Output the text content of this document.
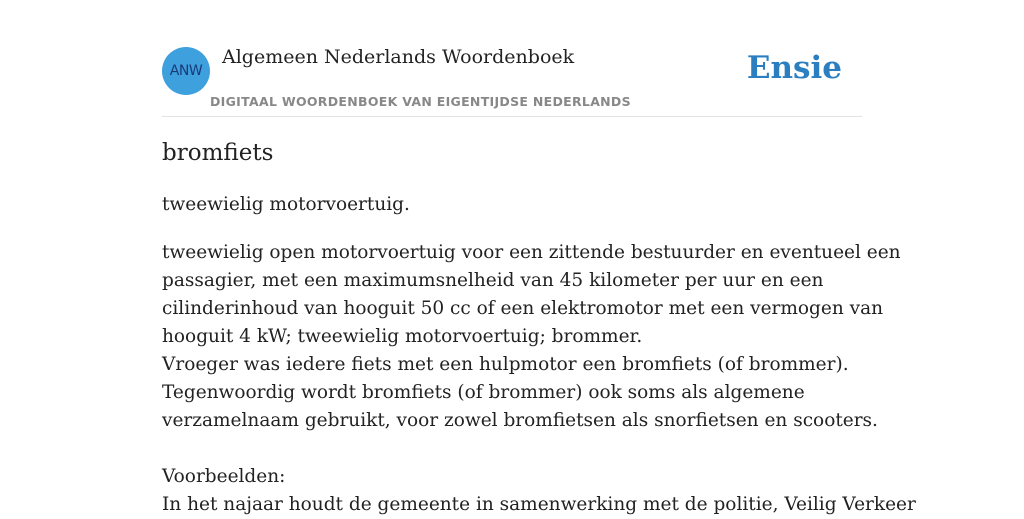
ANW
Algemeen Nederlands Woordenboek
DIGITAAL WOORDENBOEK VAN EIGENTIJDSE NEDERLANDS
Ensie
bromfiets

tweewielig motorvoertuig.

tweewielig open motorvoertuig voor een zittende bestuurder en eventueel een
passagier, met een maximumsnelheid van 45 kilometer per uur en een
cilinderinhoud van hooguit 50 cc of een elektromotor met een vermogen van
hooguit 4 kW; tweewielig motorvoertuig; brommer.
Vroeger was iedere fiets met een hulpmotor een bromfiets (of brommer).
Tegenwoordig wordt bromfiets (of brommer) ook soms als algemene
verzamelnaam gebruikt, voor zowel bromfietsen als snorfietsen en scooters.
Voorbeelden:
In het najaar houdt de gemeente in samenwerking met de politie, Veilig Verkeer
